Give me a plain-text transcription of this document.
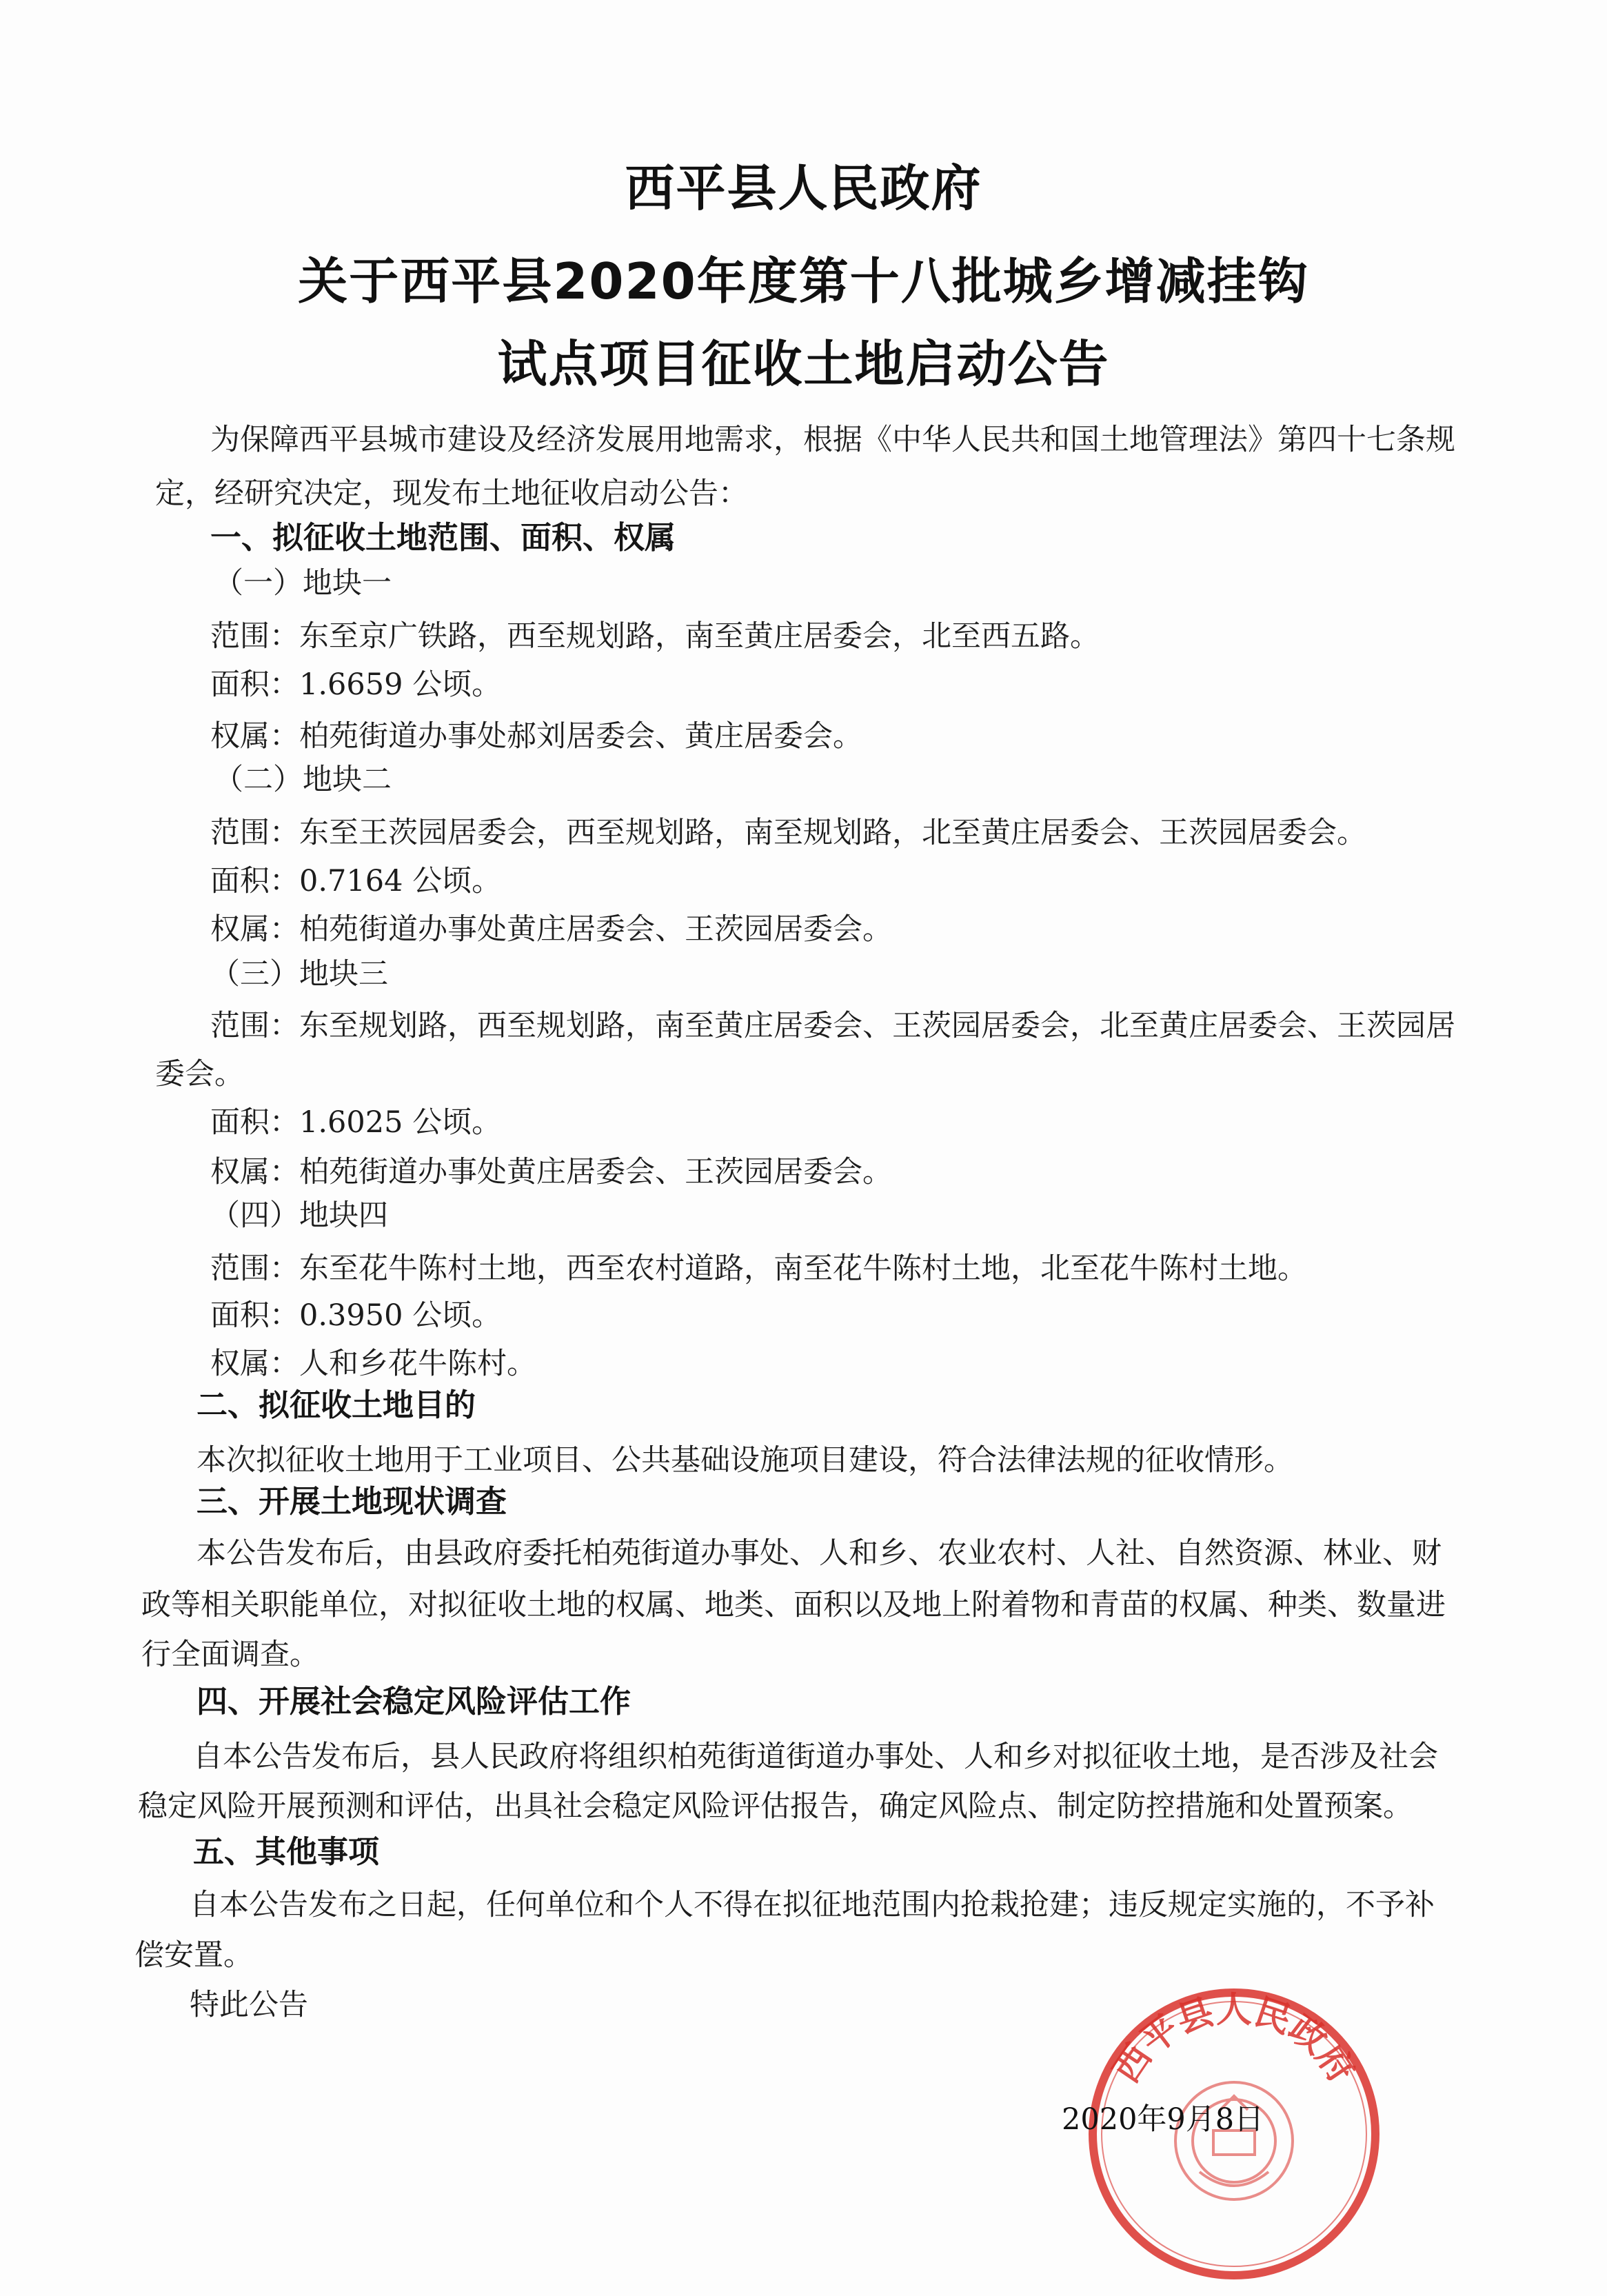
西平县人民政府
关于西平县2020年度第十八批城乡增减挂钩
试点项目征收土地启动公告
为保障西平县城市建设及经济发展用地需求，根据《中华人民共和国土地管理法》第四十七条规
定，经研究决定，现发布土地征收启动公告：
一、拟征收土地范围、面积、权属
（一）地块一
范围：东至京广铁路，西至规划路，南至黄庄居委会，北至西五路。
面积：1.6659 公顷。
权属：柏苑街道办事处郝刘居委会、黄庄居委会。
（二）地块二
范围：东至王茨园居委会，西至规划路，南至规划路，北至黄庄居委会、王茨园居委会。
面积：0.7164 公顷。
权属：柏苑街道办事处黄庄居委会、王茨园居委会。
（三）地块三
范围：东至规划路，西至规划路，南至黄庄居委会、王茨园居委会，北至黄庄居委会、王茨园居
委会。
面积：1.6025 公顷。
权属：柏苑街道办事处黄庄居委会、王茨园居委会。
（四）地块四
范围：东至花牛陈村土地，西至农村道路，南至花牛陈村土地，北至花牛陈村土地。
面积：0.3950 公顷。
权属：人和乡花牛陈村。
二、拟征收土地目的
本次拟征收土地用于工业项目、公共基础设施项目建设，符合法律法规的征收情形。
三、开展土地现状调查
本公告发布后，由县政府委托柏苑街道办事处、人和乡、农业农村、人社、自然资源、林业、财
政等相关职能单位，对拟征收土地的权属、地类、面积以及地上附着物和青苗的权属、种类、数量进
行全面调查。
四、开展社会稳定风险评估工作
自本公告发布后，县人民政府将组织柏苑街道街道办事处、人和乡对拟征收土地，是否涉及社会
稳定风险开展预测和评估，出具社会稳定风险评估报告，确定风险点、制定防控措施和处置预案。
五、其他事项
自本公告发布之日起，任何单位和个人不得在拟征地范围内抢栽抢建；违反规定实施的，不予补
偿安置。
特此公告
2020年9月8日
西平县人民政府
